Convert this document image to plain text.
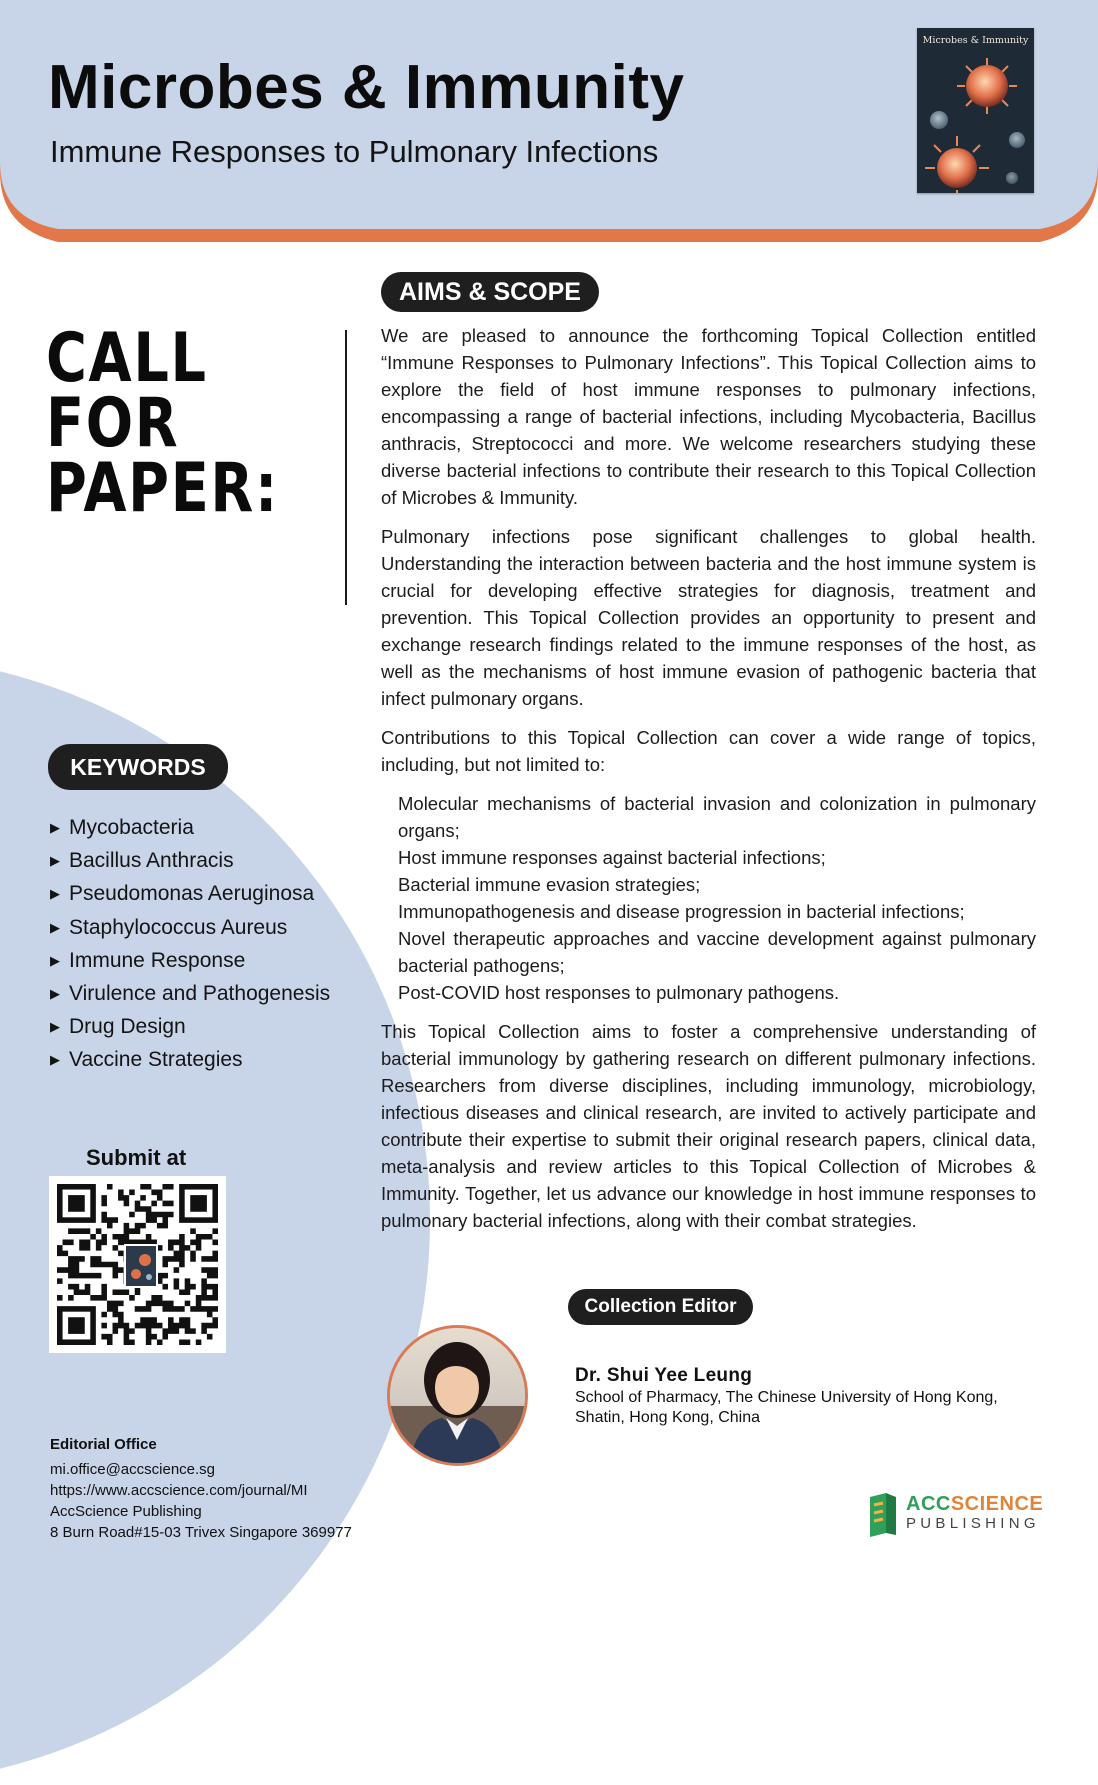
Microbes & Immunity
Immune Responses to Pulmonary Infections
Microbes & Immunity
CALL
FOR
PAPER:
AIMS & SCOPE

We are pleased to announce the forthcoming Topical Collection entitled “Immune Responses to Pulmonary Infections”. This Topical Collection aims to explore the field of host immune responses to pulmonary infections, encompassing a range of bacterial infections, including Mycobacteria, Bacillus anthracis, Streptococci and more. We welcome researchers studying these diverse bacterial infections to contribute their research to this Topical Collection of Microbes & Immunity.

Pulmonary infections pose significant challenges to global health. Understanding the interaction between bacteria and the host immune system is crucial for developing effective strategies for diagnosis, treatment and prevention. This Topical Collection provides an opportunity to present and exchange research findings related to the immune responses of the host, as well as the mechanisms of host immune evasion of pathogenic bacteria that infect pulmonary organs.

Contributions to this Topical Collection can cover a wide range of topics, including, but not limited to:

Molecular mechanisms of bacterial invasion and colonization in pulmonary organs;
Host immune responses against bacterial infections;
Bacterial immune evasion strategies;
Immunopathogenesis and disease progression in bacterial infections;
Novel therapeutic approaches and vaccine development against pulmonary bacterial pathogens;
Post-COVID host responses to pulmonary pathogens.

This Topical Collection aims to foster a comprehensive understanding of bacterial immunology by gathering research on different pulmonary infections. Researchers from diverse disciplines, including immunology, microbiology, infectious diseases and clinical research, are invited to actively participate and contribute their expertise to submit their original research papers, clinical data, meta-analysis and review articles to this Topical Collection of Microbes & Immunity. Together, let us advance our knowledge in host immune responses to pulmonary bacterial infections, along with their combat strategies.

KEYWORDS
▶ Mycobacteria
▶ Bacillus Anthracis
▶ Pseudomonas Aeruginosa
▶ Staphylococcus Aureus
▶ Immune Response
▶ Virulence and Pathogenesis
▶ Drug Design
▶ Vaccine Strategies
Submit at
Editorial Office
mi.office@accscience.sg
https://www.accscience.com/journal/MI
AccScience Publishing
8 Burn Road#15-03 Trivex Singapore 369977
Collection Editor
Dr. Shui Yee Leung
School of Pharmacy, The Chinese University of Hong Kong,
Shatin, Hong Kong, China
ACCSCIENCE
PUBLISHING
